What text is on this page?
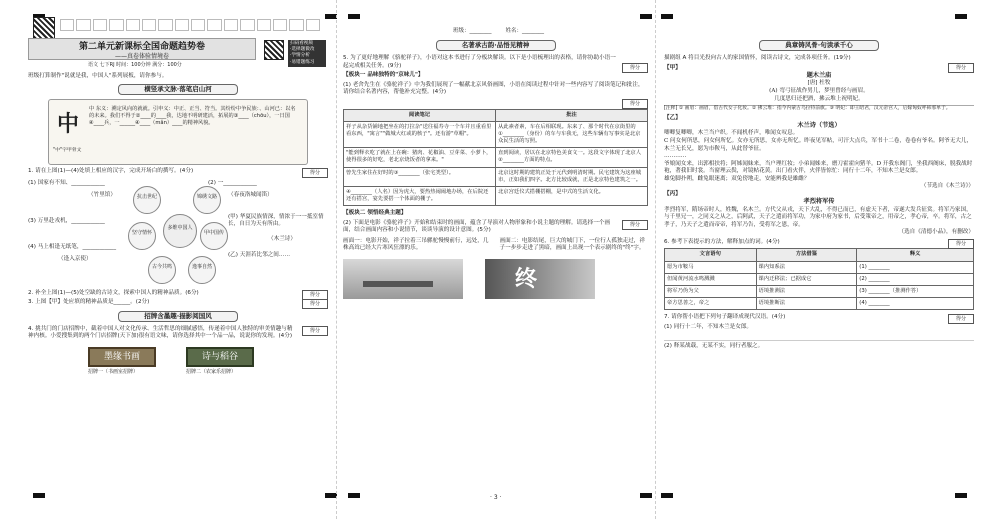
第二单元新课标全国命题趋势卷
——真卷体验情境卷
语文 七下RJ 时间：100分钟 满分：100分
扫码看视频
·选择题微改
·学情分析
·易错题练习
班级打算制作"说就是我，中国人"系列展板，请你参与。
横竖承文脉·落笔启山河
中
"中"字甲骨文
中 东义：溯定风向的就就。引申义：中正、正当、符当。其纷纷中争民族：、山河已：以名的未来。我们不得于②____的____我，达地不明研建活，拓展的③____（chōu），一日国④____兵，一______④____（mǎn）____的精神风貌。
1. 请在上图(1)—(4)处填上相应的汉字，完成开场白的撰写。(4分)	得分
(1) 国家有不知、____________
（竹里馆）
(2) 一____________
（春夜洛城闻笛）
(3) 万里赴戎机，____________
(4) 马上相逢无纸笔，____________
（逢入京使）
(甲) 华夏民族情深，情浓于一一抵室情长，自日为天有所由。
（木兰诗）
(乙) 天涯若比邻之间……
多维中国人
抗击世纪	锦绣文路
坚守情怀
古今共鸣
甲中国传
逸事自然
2. 补全上图(1)—(5)处空缺的古诗文，探索中国人的精神品质。(6分)	得分
3. 上图【甲】处应填的精神品质是______。(2分)	得分
招牌含墨趣·描影阅国风
4. 挑共门的门店招牌中，截着中国人对文化传承、生活哲思的细腻感悟，传递着中国人独特的审美情趣与精神内核。小爱搜集到的两个门店招牌(天下加)很有语文味，请你选择其中一个品一品，说说你的发现。(4分)
得分
墨缘书画
招牌一（书画室招牌）
诗与稻谷
招牌二（农家乐招牌）
班级：________	姓名：________
名著承古韵·品悟见精神
5. 为了更好地理解《骆驼祥子》，小语对这本书进行了分板块解读。以下是小语梳理出的表格，请你协助小语一起完成相关任务。(9分)	得分
【板块一 品味独特的"京味儿"】
(1) 老舍先生在《骆驼祥子》中为我们展现了一幅献北京风俗画图，小语在阅读过程中针对一些内容写了阅读笔记和批注，请你结合名著内容，帮他补充完整。(4分)
得分
阅读笔记	批注
祥子从杂货铺地把坐在的打拉杂"送往福寿寺一个车并且重看里看东西，"寓言""做城大红或的核子"。还有游"草帽"。	从此素者素，车在后相联现。东来了、那个时代在京街里的①________（身份）的车与车我无，这些车辆有写事实是北京众民生活的写照。
"能到释衣吃了就在上在碗：猪肉、花椒油、豆芽菜、小萝卜，使得很多的好吃，老北京烧饭者的拿来。"	直到阅读，居以在北京特色美食文一。这段文字体现了北京人②________方面的特点。
曾先生家住在好时的③________（张宅类型）。	北京这时期的建筑正处于元代到明清时期。民宅建筑为这座城市，正如我们四字。北方比较成就，正是北京特色建筑之一。
④________（人名）因为虎大，要热热闹闹地办场，在后院还还有搭宫，宴先要搭一个体面的棚子。	北京宫廷仪式搭棚搭棚，是中式的生活文化。
【板块二 领悟经典主题】
(2) 下面是电影《骆驼祥子》开始和结束时的画面，蕴含了导演对人物形象和小说主题的理解。请选择一个画面，结合画面内容和小说情节，谈谈导演的设计意图。(5分)
得分
画面一：电影开始，祥子拉着三吊骡驼慢慢前行，远处，几株高耸已经大片寒风狂漂的乐。
画面二：电影结尾，巨大的城门下，一位行人孤独走过，祥子一步步走进了黑暗，画面上出现一个表示剧终的"终"字。
终
典章铸风骨·句读承千心
描剧组 A 将目光投向古人的家国情怀，阅读古诗文，完成各项任务。(19分)
得分
【甲】
题木兰庙
[唐] 杜牧
(A) 弯弓征战作男儿，梦里曾经与画眉。
几度思归还把酒，拂云堆上祝明妃。
[注释] ① 画眉：画眉，借古代女子化妆。② 拂云堆：指今内蒙古乌拉特前旗。③ 明妃：即王昭君，汉元帝宫人，后嫁匈奴呼韩邪单于。
【乙】
木兰诗（节选）
唧唧复唧唧，木兰当户织。不闻机杼声，唯闻女叹息。
C 问女何所思，问女何所忆。女亦无所思，女亦无所忆。昨夜见军帖，可汗大点兵，军书十二卷，卷卷有爷名。阿爷无大儿，木兰无长兄，愿为市鞍马，从此替爷征。
…………
爷娘闻女来，出郭相扶将；阿姊闻妹来，当户理红妆；小弟闻姊来，磨刀霍霍向猪羊。D 开我东阁门，坐我西阁床，脱我战时袍，著我旧时裳。当窗理云鬓，对镜帖花黄。出门看火伴，火伴皆惊忙：同行十二年，不知木兰是女郎。
雄兔脚扑朔，雌兔眼迷离；双兔傍地走，安能辨我是雄雌？
（节选自《木兰诗》）
【丙】
孝烈将军传
孝烈将军，隋场帝时人，姓魏，名木兰。方代父从戎，天下大乱，不得已而已，有虚天下者，帝遂大发兵征赏。将军乃家国，与千里兄一，之同义之从之，后阿武，天子之遣而将军功，为家中府为家书，后受策帝之，用帝之，孝心帝，卒。将军，古之孝子，乃天子之遣而帝帝，将军乃告，受将军之恩，帝。
（选自《清德小品》，有删改）
6. 参考下表提示的方法，解释加点的词。(4分)	得分
文言语句	方法借鉴	释义
愿为市鞍马	课内知系法	(1) ________
但闻黄河流水鸣溅溅	课内迁移法；已据成它	(2) ________
将军乃伪为父	语境推测法	(3) ________（推测作答）
帝方思善之，帝之	语境推断法	(4) ________
7. 请你帮小语把下列句子翻译成现代汉语。(4分)	得分
(1) 同行十二年，不知木兰是女郎。
(2) 释某战载，无某不实，同行者服之。
· 3 ·
